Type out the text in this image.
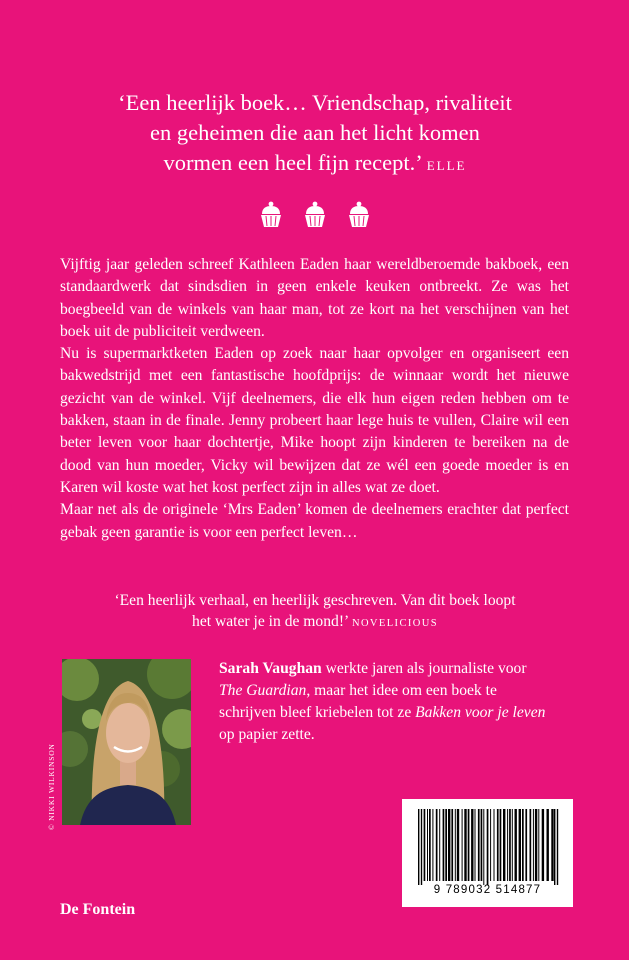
‘Een heerlijk boek… Vriendschap, rivaliteit
en geheimen die aan het licht komen
vormen een heel fijn recept.’ ELLE

Vijftig jaar geleden schreef Kathleen Eaden haar wereldberoemde bakboek, een standaardwerk dat sindsdien in geen enkele keuken ontbreekt. Ze was het boegbeeld van de winkels van haar man, tot ze kort na het verschijnen van het boek uit de publiciteit verdween.

Nu is supermarktketen Eaden op zoek naar haar opvolger en organiseert een bakwedstrijd met een fantastische hoofdprijs: de winnaar wordt het nieuwe gezicht van de winkel. Vijf deelnemers, die elk hun eigen reden hebben om te bakken, staan in de finale. Jenny probeert haar lege huis te vullen, Claire wil een beter leven voor haar dochtertje, Mike hoopt zijn kinderen te bereiken na de dood van hun moeder, Vicky wil bewijzen dat ze wél een goede moeder is en Karen wil koste wat het kost perfect zijn in alles wat ze doet.

Maar net als de originele ‘Mrs Eaden’ komen de deelnemers erachter dat perfect gebak geen garantie is voor een perfect leven…

‘Een heerlijk verhaal, en heerlijk geschreven. Van dit boek loopt
het water je in de mond!’ NOVELICIOUS
© NIKKI WILKINSON
Sarah Vaughan werkte jaren als journaliste voor The Guardian, maar het idee om een boek te schrijven bleef kriebelen tot ze Bakken voor je leven op papier zette.
9 789032 514877
De Fontein
